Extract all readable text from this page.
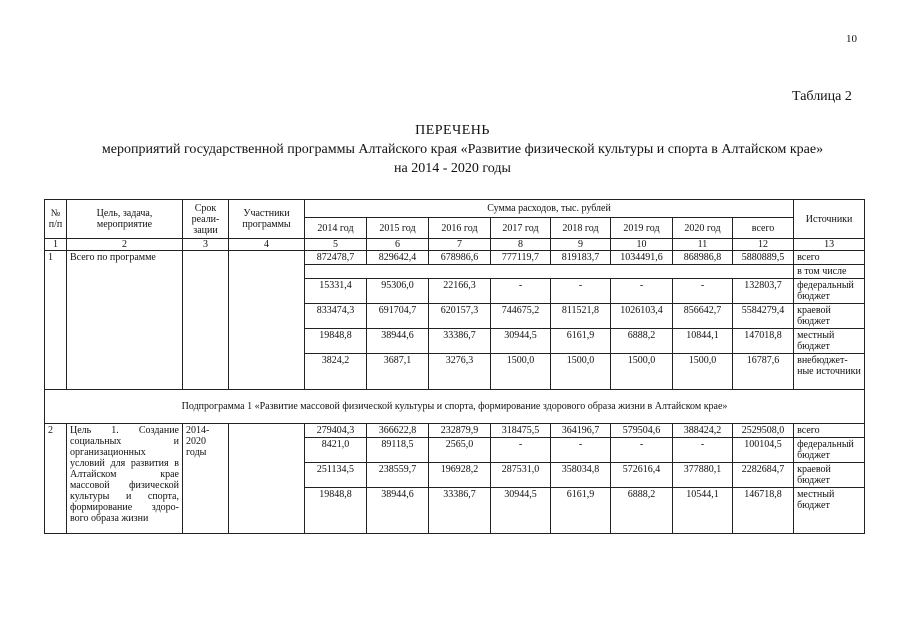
10
Таблица 2
ПЕРЕЧЕНЬ
мероприятий государственной программы Алтайского края «Развитие физической культуры и спорта в Алтайском крае»
на 2014 - 2020 годы
№ п/п	Цель, задача, мероприятие	Срок реали- зации	Участники программы	Сумма расходов, тыс. рублей								Источники
				2014 год	2015 год	2016 год	2017 год	2018 год	2019 год	2020 год	всего	
1	2	3	4	5	6	7	8	9	10	11	12	13
1	Всего по программе			872478,7	829642,4	678986,6	777119,7	819183,7	1034491,6	868986,8	5880889,5	всего
												в том числе
				15331,4	95306,0	22166,3	-	-	-	-	132803,7	федеральный бюджет
				833474,3	691704,7	620157,3	744675,2	811521,8	1026103,4	856642,7	5584279,4	краевой бюджет
				19848,8	38944,6	33386,7	30944,5	6161,9	6888,2	10844,1	147018,8	местный бюджет
				3824,2	3687,1	3276,3	1500,0	1500,0	1500,0	1500,0	16787,6	внебюджет- ные источники
Подпрограмма 1 «Развитие массовой физической культуры и спорта, формирование здорового образа жизни в Алтайском крае»												
2	Цель 1. Создание социальных и организационных условий для развития в Алтайском крае массовой физической культуры и спорта, формирование здоро- вого образа жизни	2014- 2020 годы		279404,3	366622,8	232879,9	318475,5	364196,7	579504,6	388424,2	2529508,0	всего
				8421,0	89118,5	2565,0	-	-	-	-	100104,5	федеральный бюджет
				251134,5	238559,7	196928,2	287531,0	358034,8	572616,4	377880,1	2282684,7	краевой бюджет
				19848,8	38944,6	33386,7	30944,5	6161,9	6888,2	10544,1	146718,8	местный бюджет
